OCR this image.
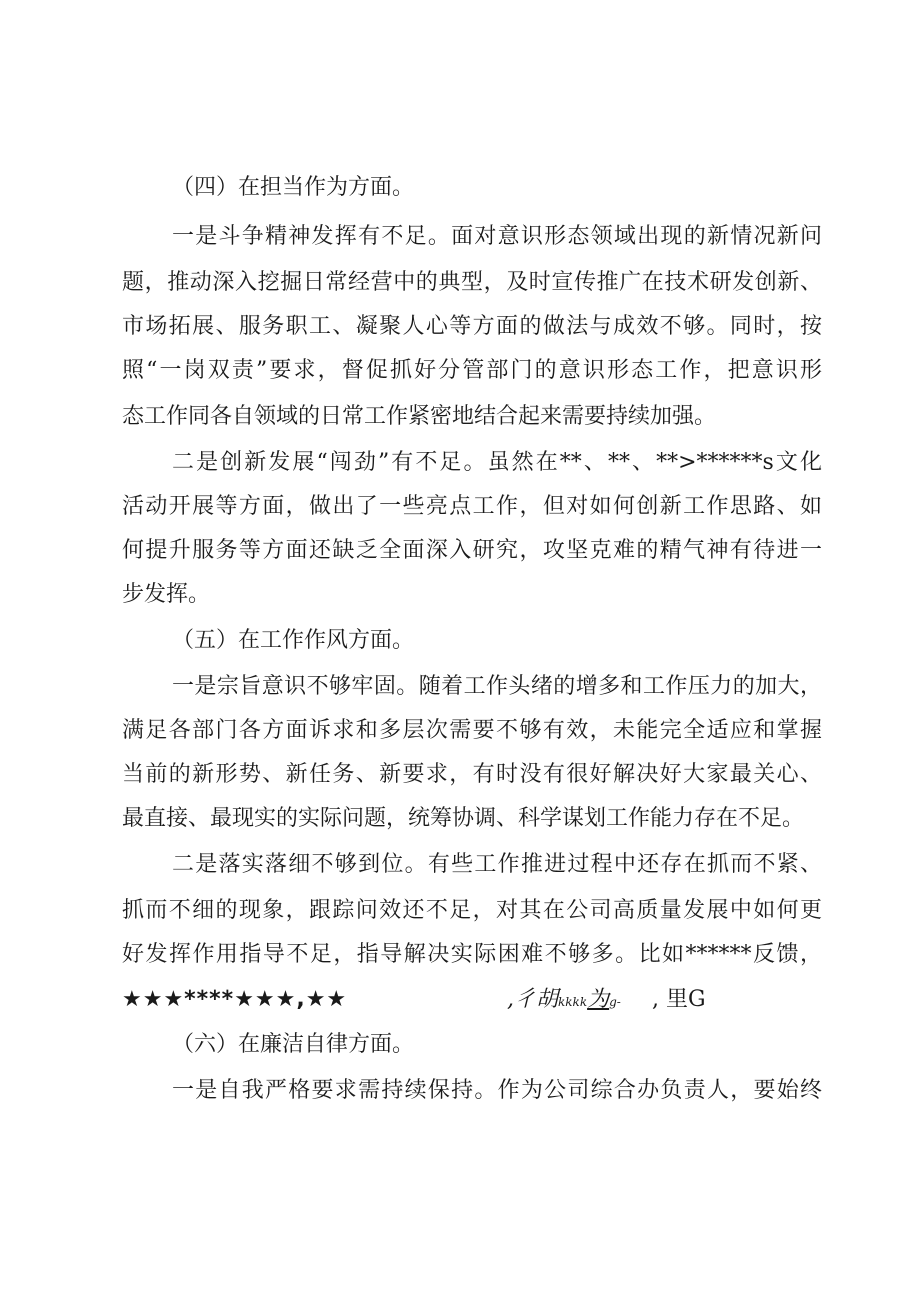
（四）在担当作为方面。
一是斗争精神发挥有不足。面对意识形态领域出现的新情况新问
题，推动深入挖掘日常经营中的典型，及时宣传推广在技术研发创新、
市场拓展、服务职工、凝聚人心等方面的做法与成效不够。同时，按
照“一岗双责”要求，督促抓好分管部门的意识形态工作，把意识形
态工作同各自领域的日常工作紧密地结合起来需要持续加强。
二是创新发展“闯劲”有不足。虽然在**、**、**>******s文化
活动开展等方面，做出了一些亮点工作，但对如何创新工作思路、如
何提升服务等方面还缺乏全面深入研究，攻坚克难的精气神有待进一
步发挥。
（五）在工作作风方面。
一是宗旨意识不够牢固。随着工作头绪的增多和工作压力的加大，
满足各部门各方面诉求和多层次需要不够有效，未能完全适应和掌握
当前的新形势、新任务、新要求，有时没有很好解决好大家最关心、
最直接、最现实的实际问题，统筹协调、科学谋划工作能力存在不足。
二是落实落细不够到位。有些工作推进过程中还存在抓而不紧、
抓而不细的现象，跟踪问效还不足，对其在公司高质量发展中如何更
好发挥作用指导不足，指导解决实际困难不够多。比如******反馈，
★★★****★★★,★★	,彳胡kkkk为g- , 里G
（六）在廉洁自律方面。
一是自我严格要求需持续保持。作为公司综合办负责人，要始终
